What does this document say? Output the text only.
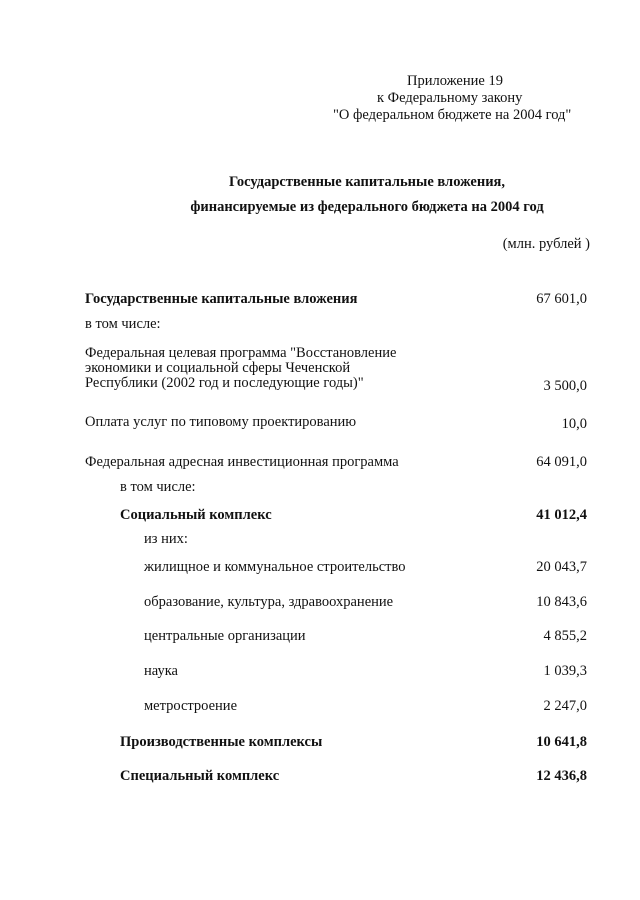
Приложение 19
к Федеральному закону
"О федеральном бюджете на 2004 год"
Государственные капитальные вложения,
финансируемые из федерального бюджета на 2004 год
(млн. рублей )
Государственные капитальные вложения	67 601,0
в том числе:
Федеральная целевая программа "Восстановление
экономики и социальной сферы Чеченской
Республики (2002 год и последующие годы)"	3 500,0
Оплата услуг по типовому проектированию	10,0
Федеральная адресная инвестиционная программа	64 091,0
в том числе:
Социальный комплекс	41 012,4
из них:
жилищное и коммунальное строительство	20 043,7
образование, культура, здравоохранение	10 843,6
центральные организации	4 855,2
наука	1 039,3
метростроение	2 247,0
Производственные комплексы	10 641,8
Специальный комплекс	12 436,8
